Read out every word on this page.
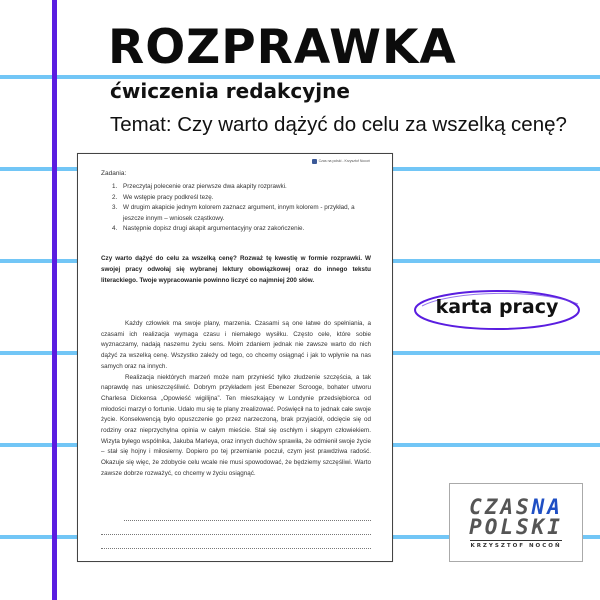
ROZPRAWKA
ćwiczenia redakcyjne
Temat: Czy warto dążyć do celu za wszelką cenę?
Czas na polski - Krzysztof Nocoń
Zadania:
1. Przeczytaj polecenie oraz pierwsze dwa akapity rozprawki.
2. We wstępie pracy podkreśl tezę.
3. W drugim akapicie jednym kolorem zaznacz argument, innym kolorem - przykład, a jeszcze innym – wniosek cząstkowy.
4. Następnie dopisz drugi akapit argumentacyjny oraz zakończenie.
Czy warto dążyć do celu za wszelką cenę? Rozważ tę kwestię w formie rozprawki. W swojej pracy odwołaj się wybranej lektury obowiązkowej oraz do innego tekstu literackiego. Twoje wypracowanie powinno liczyć co najmniej 200 słów.

Każdy człowiek ma swoje plany, marzenia. Czasami są one łatwe do spełniania, a czasami ich realizacja wymaga czasu i niemałego wysiłku. Często cele, które sobie wyznaczamy, nadają naszemu życiu sens. Moim zdaniem jednak nie zawsze warto do nich dążyć za wszelką cenę. Wszystko zależy od tego, co chcemy osiągnąć i jak to wpłynie na nas samych oraz na innych.

Realizacja niektórych marzeń może nam przynieść tylko złudzenie szczęścia, a tak naprawdę nas unieszczęśliwić. Dobrym przykładem jest Ebenezer Scrooge, bohater utworu Charlesa Dickensa „Opowieść wigilijna”. Ten mieszkający w Londynie przedsiębiorca od młodości marzył o fortunie. Udało mu się te plany zrealizować. Poświęcił na to jednak całe swoje życie. Konsekwencją było opuszczenie go przez narzeczoną, brak przyjaciół, odcięcie się od rodziny oraz nieprzychylna opinia w całym mieście. Stał się oschłym i skąpym człowiekiem. Wizyta byłego wspólnika, Jakuba Marleya, oraz innych duchów sprawiła, że odmienił swoje życie – stał się hojny i miłosierny. Dopiero po tej przemianie poczuł, czym jest prawdziwa radość. Okazuje się więc, że zdobycie celu wcale nie musi spowodować, że będziemy szczęśliwi. Warto zawsze dobrze rozważyć, co chcemy w życiu osiągnąć.

karta pracy
CZASNA
POLSKI
KRZYSZTOF NOCOŃ
